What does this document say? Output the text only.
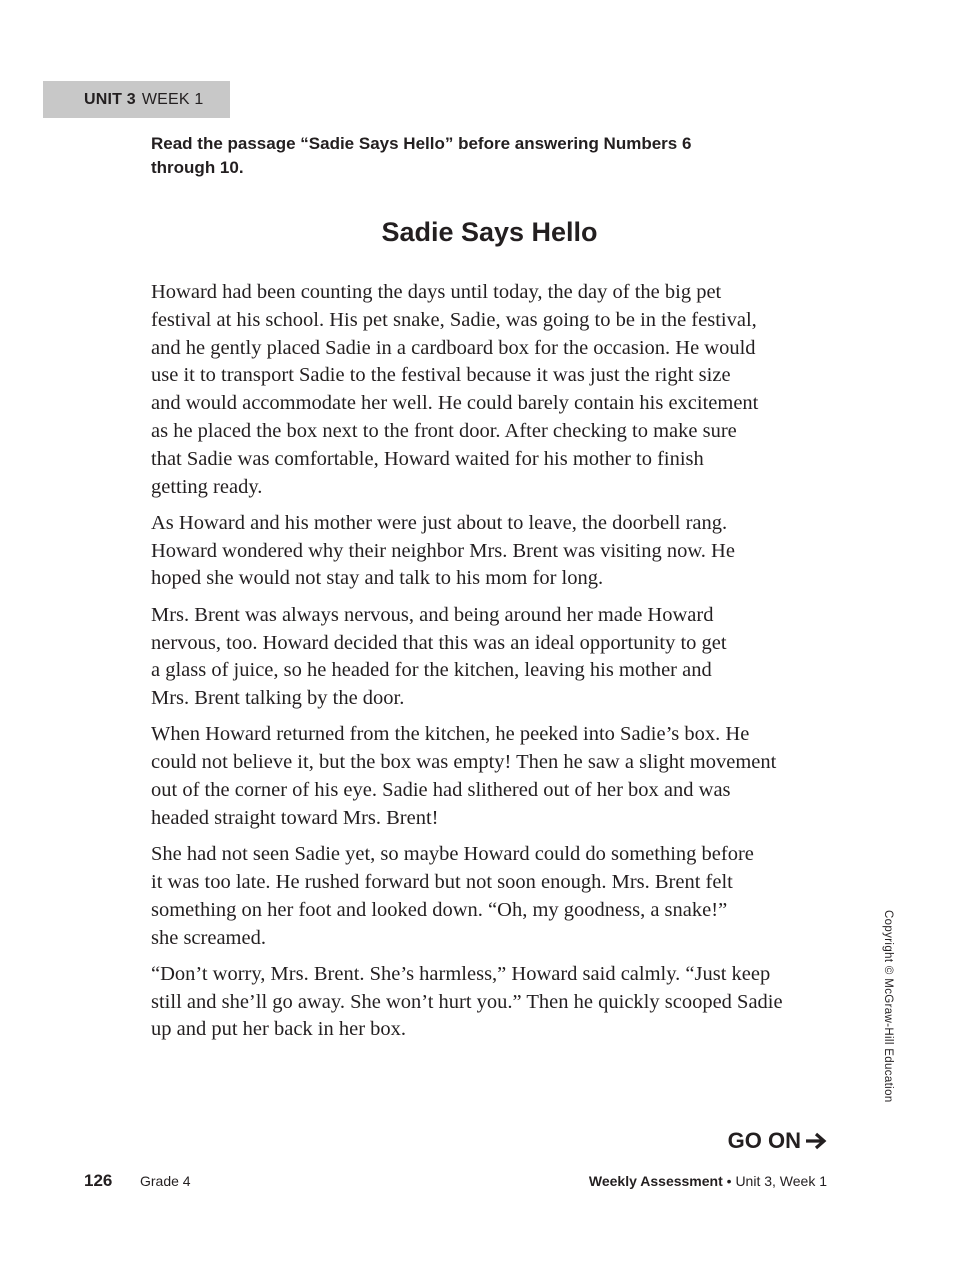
UNIT 3 WEEK 1
Read the passage “Sadie Says Hello” before answering Numbers 6
through 10.
Sadie Says Hello

Howard had been counting the days until today, the day of the big pet
festival at his school. His pet snake, Sadie, was going to be in the festival,
and he gently placed Sadie in a cardboard box for the occasion. He would
use it to transport Sadie to the festival because it was just the right size
and would accommodate her well. He could barely contain his excitement
as he placed the box next to the front door. After checking to make sure
that Sadie was comfortable, Howard waited for his mother to finish
getting ready.

As Howard and his mother were just about to leave, the doorbell rang.
Howard wondered why their neighbor Mrs. Brent was visiting now. He
hoped she would not stay and talk to his mom for long.

Mrs. Brent was always nervous, and being around her made Howard
nervous, too. Howard decided that this was an ideal opportunity to get
a glass of juice, so he headed for the kitchen, leaving his mother and
Mrs. Brent talking by the door.

When Howard returned from the kitchen, he peeked into Sadie’s box. He
could not believe it, but the box was empty! Then he saw a slight movement
out of the corner of his eye. Sadie had slithered out of her box and was
headed straight toward Mrs. Brent!

She had not seen Sadie yet, so maybe Howard could do something before
it was too late. He rushed forward but not soon enough. Mrs. Brent felt
something on her foot and looked down. “Oh, my goodness, a snake!”
she screamed.

“Don’t worry, Mrs. Brent. She’s harmless,” Howard said calmly. “Just keep
still and she’ll go away. She won’t hurt you.” Then he quickly scooped Sadie
up and put her back in her box.	Copyright © McGraw-Hill Education
GO ON
126 Grade 4	Weekly Assessment • Unit 3, Week 1
